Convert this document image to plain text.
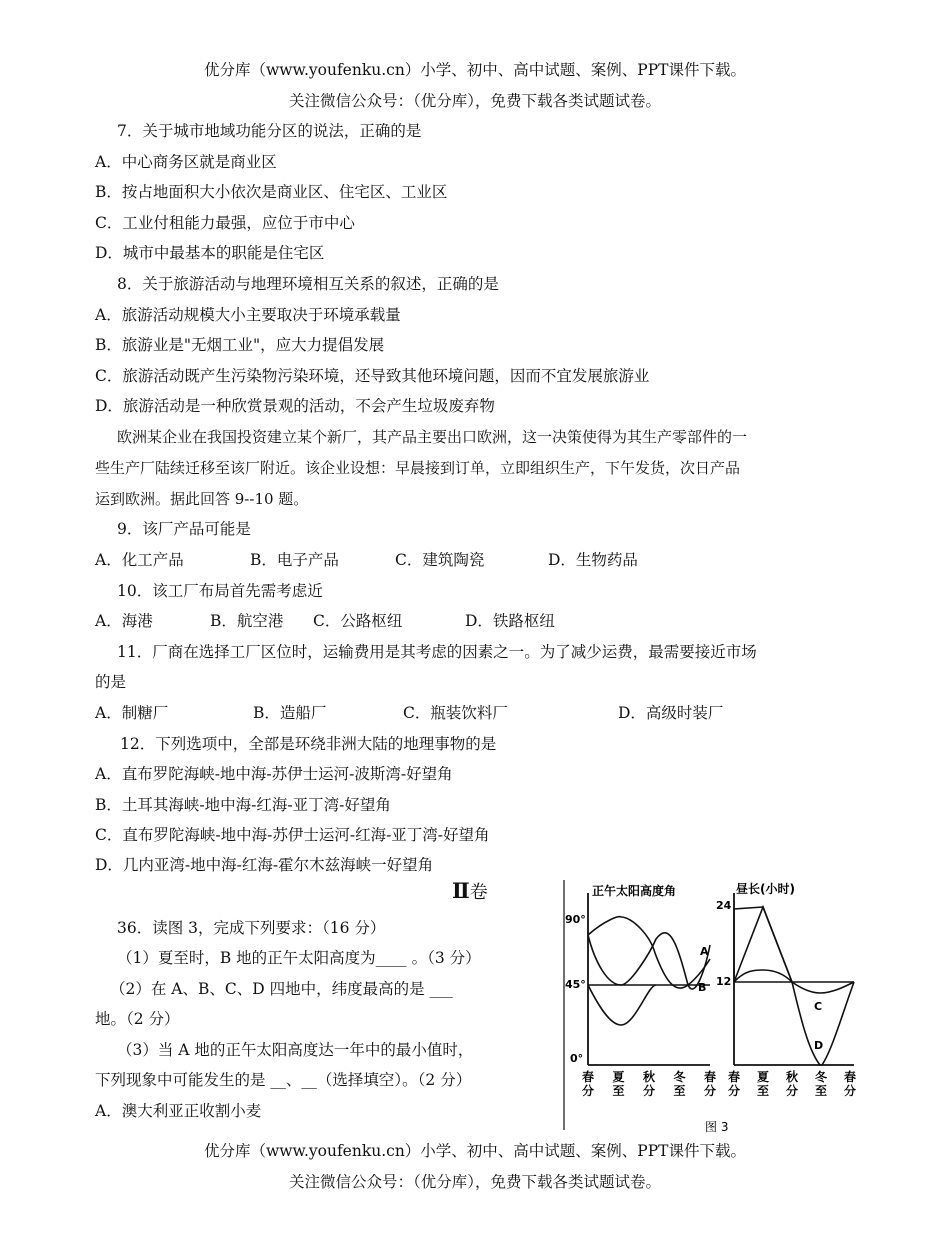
优分库（www.youfenku.cn）小学、初中、高中试题、案例、PPT课件下载。
关注微信公众号：（优分库），免费下载各类试题试卷。
7．关于城市地域功能分区的说法，正确的是
A．中心商务区就是商业区
B．按占地面积大小依次是商业区、住宅区、工业区
C．工业付租能力最强，应位于市中心
D．城市中最基本的职能是住宅区
8．关于旅游活动与地理环境相互关系的叙述，正确的是
A．旅游活动规模大小主要取决于环境承载量
B．旅游业是"无烟工业"，应大力提倡发展
C．旅游活动既产生污染物污染环境，还导致其他环境问题，因而不宜发展旅游业
D．旅游活动是一种欣赏景观的活动，不会产生垃圾废弃物
欧洲某企业在我国投资建立某个新厂，其产品主要出口欧洲，这一决策使得为其生产零部件的一
些生产厂陆续迁移至该厂附近。该企业设想：早晨接到订单，立即组织生产，下午发货，次日产品
运到欧洲。据此回答 9--10 题。
9．该厂产品可能是
A．化工产品	B．电子产品	C．建筑陶瓷	D．生物药品
10．该工厂布局首先需考虑近
A．海港	B．航空港 C．公路枢纽	D．铁路枢纽
11．厂商在选择工厂区位时，运输费用是其考虑的因素之一。为了减少运费，最需要接近市场
的是
A．制糖厂	B．造船厂	C．瓶装饮料厂	D．高级时装厂
12．下列选项中，全部是环绕非洲大陆的地理事物的是
A．直布罗陀海峡-地中海-苏伊士运河-波斯湾-好望角
B．土耳其海峡-地中海-红海-亚丁湾-好望角
C．直布罗陀海峡-地中海-苏伊士运河-红海-亚丁湾-好望角
D．几内亚湾-地中海-红海-霍尔木兹海峡一好望角
Ⅱ卷
36．读图 3，完成下列要求：（16 分）
（1）夏至时，B 地的正午太阳高度为____ 。（3 分）
（2）在 A、B、C、D 四地中，纬度最高的是 ___
地。（2 分）
（3）当 A 地的正午太阳高度达一年中的最小值时，
下列现象中可能发生的是 __、__（选择填空）。（2 分）
A．澳大利亚正收割小麦
正午太阳高度角
90°
45°
0°
A
B
春
分
夏
至
秋
分
冬
至
春
分
昼长(小时)
24
12
C
D
春
分
夏
至
秋
分
冬
至
春
分
图 3
优分库（www.youfenku.cn）小学、初中、高中试题、案例、PPT课件下载。
关注微信公众号：（优分库），免费下载各类试题试卷。
